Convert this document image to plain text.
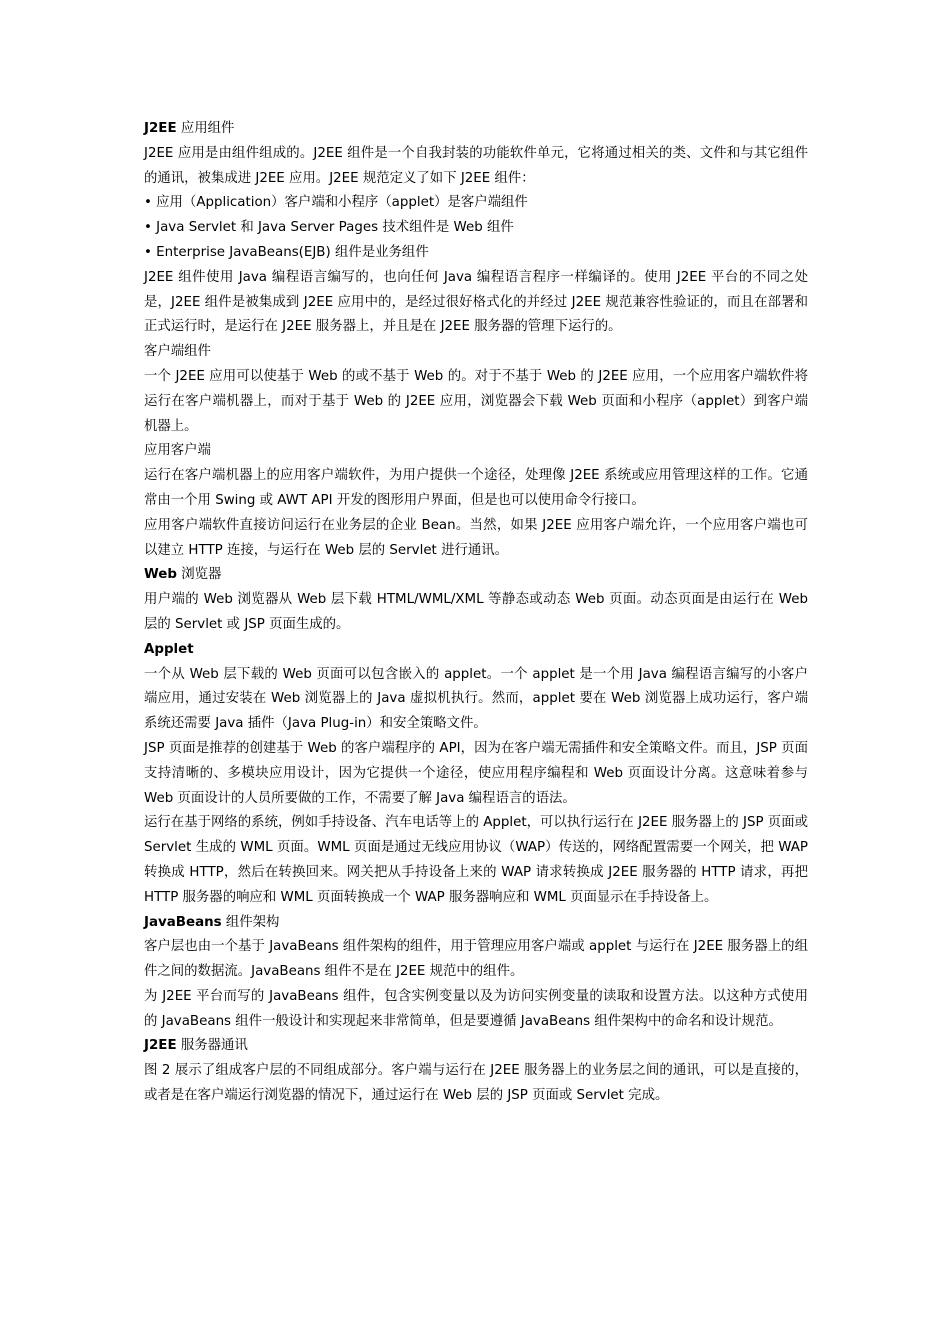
J2EE 应用组件

J2EE 应用是由组件组成的。J2EE 组件是一个自我封装的功能软件单元，它将通过相关的类、文件和与其它组件的通讯，被集成进 J2EE 应用。J2EE 规范定义了如下 J2EE 组件：

• 应用（Application）客户端和小程序（applet）是客户端组件

• Java Servlet 和 Java Server Pages 技术组件是 Web 组件

• Enterprise JavaBeans(EJB) 组件是业务组件

J2EE 组件使用 Java 编程语言编写的，也向任何 Java 编程语言程序一样编译的。使用 J2EE 平台的不同之处是，J2EE 组件是被集成到 J2EE 应用中的，是经过很好格式化的并经过 J2EE 规范兼容性验证的，而且在部署和正式运行时，是运行在 J2EE 服务器上，并且是在 J2EE 服务器的管理下运行的。

客户端组件

一个 J2EE 应用可以使基于 Web 的或不基于 Web 的。对于不基于 Web 的 J2EE 应用，一个应用客户端软件将运行在客户端机器上，而对于基于 Web 的 J2EE 应用，浏览器会下载 Web 页面和小程序（applet）到客户端机器上。

应用客户端

运行在客户端机器上的应用客户端软件，为用户提供一个途径，处理像 J2EE 系统或应用管理这样的工作。它通常由一个用 Swing 或 AWT API 开发的图形用户界面，但是也可以使用命令行接口。

应用客户端软件直接访问运行在业务层的企业 Bean。当然，如果 J2EE 应用客户端允许，一个应用客户端也可以建立 HTTP 连接，与运行在 Web 层的 Servlet 进行通讯。

Web 浏览器

用户端的 Web 浏览器从 Web 层下载 HTML/WML/XML 等静态或动态 Web 页面。动态页面是由运行在 Web 层的 Servlet 或 JSP 页面生成的。

Applet

一个从 Web 层下载的 Web 页面可以包含嵌入的 applet。一个 applet 是一个用 Java 编程语言编写的小客户端应用，通过安装在 Web 浏览器上的 Java 虚拟机执行。然而，applet 要在 Web 浏览器上成功运行，客户端系统还需要 Java 插件（Java Plug-in）和安全策略文件。

JSP 页面是推荐的创建基于 Web 的客户端程序的 API，因为在客户端无需插件和安全策略文件。而且，JSP 页面支持清晰的、多模块应用设计，因为它提供一个途径，使应用程序编程和 Web 页面设计分离。这意味着参与 Web 页面设计的人员所要做的工作，不需要了解 Java 编程语言的语法。

运行在基于网络的系统，例如手持设备、汽车电话等上的 Applet，可以执行运行在 J2EE 服务器上的 JSP 页面或 Servlet 生成的 WML 页面。WML 页面是通过无线应用协议（WAP）传送的，网络配置需要一个网关，把 WAP 转换成 HTTP，然后在转换回来。网关把从手持设备上来的 WAP 请求转换成 J2EE 服务器的 HTTP 请求，再把 HTTP 服务器的响应和 WML 页面转换成一个 WAP 服务器响应和 WML 页面显示在手持设备上。

JavaBeans 组件架构

客户层也由一个基于 JavaBeans 组件架构的组件，用于管理应用客户端或 applet 与运行在 J2EE 服务器上的组件之间的数据流。JavaBeans 组件不是在 J2EE 规范中的组件。

为 J2EE 平台而写的 JavaBeans 组件，包含实例变量以及为访问实例变量的读取和设置方法。以这种方式使用的 JavaBeans 组件一般设计和实现起来非常简单，但是要遵循 JavaBeans 组件架构中的命名和设计规范。

J2EE 服务器通讯

图 2 展示了组成客户层的不同组成部分。客户端与运行在 J2EE 服务器上的业务层之间的通讯，可以是直接的，或者是在客户端运行浏览器的情况下，通过运行在 Web 层的 JSP 页面或 Servlet 完成。
